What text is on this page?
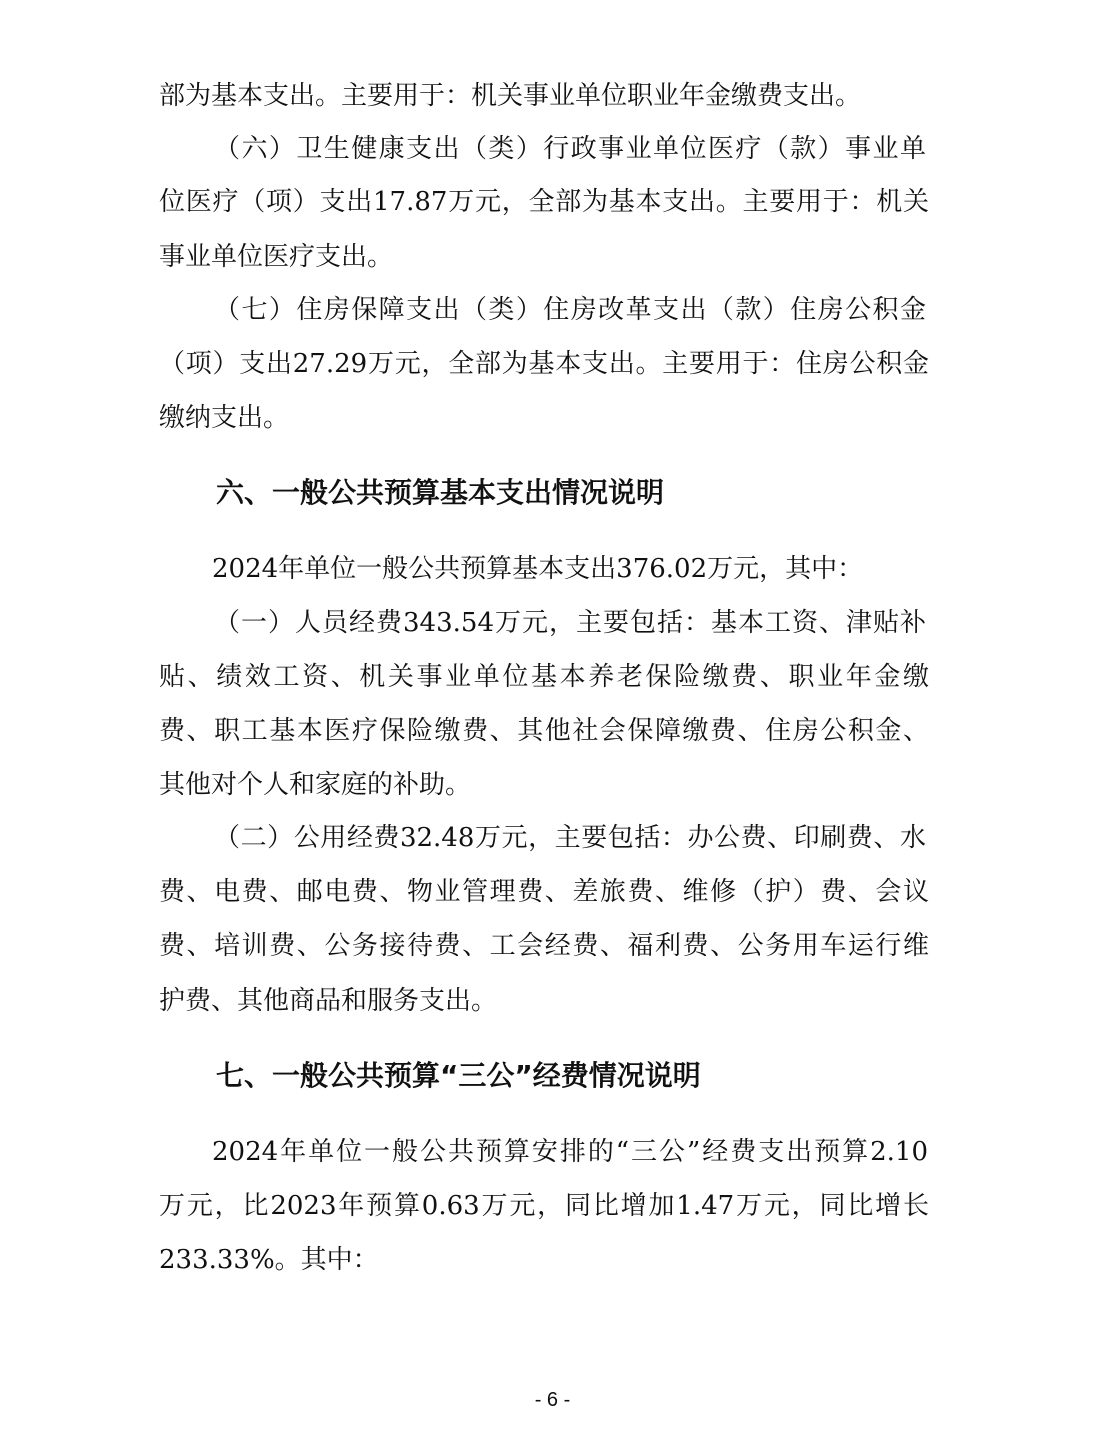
部为基本支出。主要用于：机关事业单位职业年金缴费支出。
（六）卫生健康支出（类）行政事业单位医疗（款）事业单
位医疗（项）支出17.87万元，全部为基本支出。主要用于：机关
事业单位医疗支出。
（七）住房保障支出（类）住房改革支出（款）住房公积金
（项）支出27.29万元，全部为基本支出。主要用于：住房公积金
缴纳支出。
六、一般公共预算基本支出情况说明
2024年单位一般公共预算基本支出376.02万元，其中：
（一）人员经费343.54万元，主要包括：基本工资、津贴补
贴、绩效工资、机关事业单位基本养老保险缴费、职业年金缴
费、职工基本医疗保险缴费、其他社会保障缴费、住房公积金、
其他对个人和家庭的补助。
（二）公用经费32.48万元，主要包括：办公费、印刷费、水
费、电费、邮电费、物业管理费、差旅费、维修（护）费、会议
费、培训费、公务接待费、工会经费、福利费、公务用车运行维
护费、其他商品和服务支出。
七、一般公共预算“三公”经费情况说明
2024年单位一般公共预算安排的“三公”经费支出预算2.10
万元，比2023年预算0.63万元，同比增加1.47万元，同比增长
233.33%。其中：
- 6 -
